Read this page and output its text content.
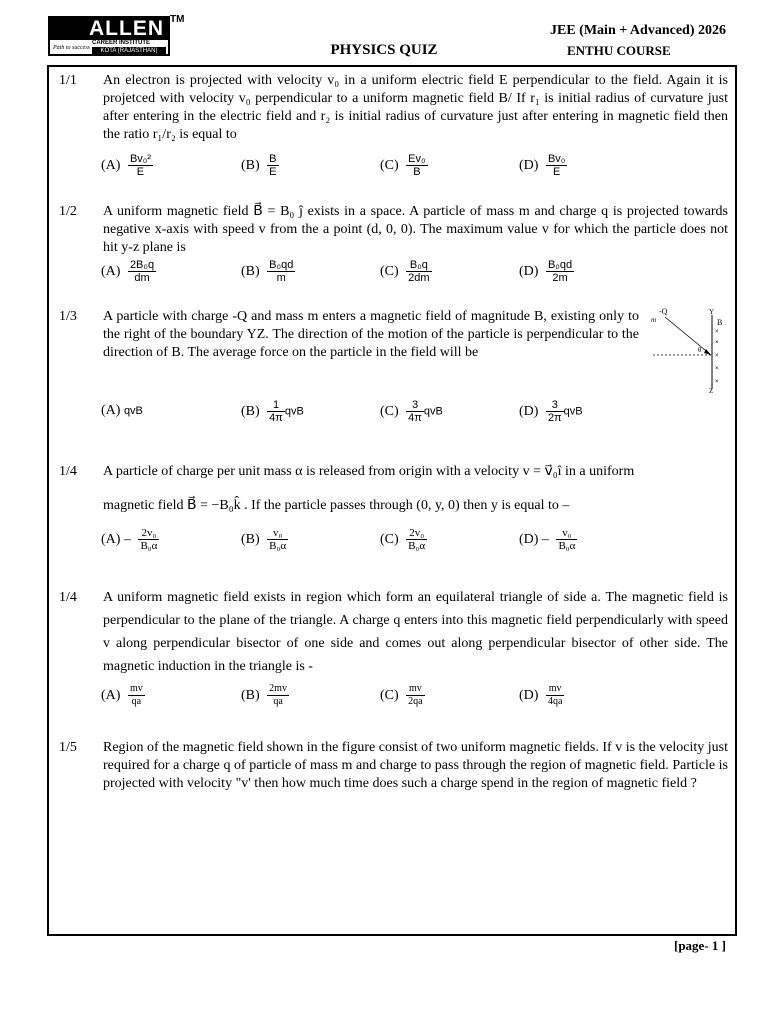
ALLEN
CAREER INSTITUTE
KOTA (RAJASTHAN)
Path to success
TM
JEE (Main + Advanced) 2026
PHYSICS QUIZ	ENTHU COURSE
1/1 An electron is projected with velocity v₀ in a uniform electric field E perpendicular to the field. Again it is projetced with velocity v₀ perpendicular to a uniform magnetic field B/ If r₁ is initial radius of curvature just after entering in the electric field and r₂ is initial radius of curvature just after entering in magnetic field then the ratio r₁/r₂ is equal to
$(A) \frac{\text{Bv₀²}}{E}$	$(B) \frac{B}{E}$	$(C) \frac{\text{Ev₀}}{B}$	$(D) \frac{\text{Bv₀}}{E}$
1/2 A uniform magnetic field B⃗ = B₀ ĵ exists in a space. A particle of mass m and charge q is projected towards negative x-axis with speed v from the a point (d, 0, 0). The maximum value v for which the particle does not hit y-z plane is
$(A) \frac{\text{2B₀q}}{dm}$	$(B) \frac{\text{B₀qd}}{m}$	$(C) \frac{\text{B₀q}}{2dm}$	$(D) \frac{\text{B₀qd}}{2m}$
1/3 A particle with charge -Q and mass m enters a magnetic field of magnitude B, existing only to the right of the boundary YZ. The direction of the motion of the particle is perpendicular to the direction of B. The average force on the particle in the field will be
-Q
m
Y
B
Z
θ
×
×
×
×
×
(A) qvB	$(B) \frac{1}{4\pi}$ qvB	$(C) \frac{3}{4\pi}$ qvB	$(D) \frac{3}{2\pi}$ qvB
1/4 A particle of charge per unit mass α is released from origin with a velocity v = v⃗₀î in a uniform
magnetic field B⃗ = −B₀k̂ . If the particle passes through (0, y, 0) then y is equal to –
$(A) - \frac{\text{2v₀}}{\text{B₀α}}$	$(B) \frac{\text{v₀}}{\text{B₀α}}$	$(C) \frac{\text{2v₀}}{\text{B₀α}}$	$(D) - \frac{\text{v₀}}{\text{B₀α}}$
1/4 A uniform magnetic field exists in region which form an equilateral triangle of side a. The magnetic field is perpendicular to the plane of the triangle. A charge q enters into this magnetic field perpendicularly with speed v along perpendicular bisector of one side and comes out along perpendicular bisector of other side. The magnetic induction in the triangle is -
$(A) \frac{mv}{qa}$	$(B) \frac{2mv}{qa}$	$(C) \frac{mv}{2qa}$	$(D) \frac{mv}{4qa}$
1/5 Region of the magnetic field shown in the figure consist of two uniform magnetic fields. If v is the velocity just required for a charge q of particle of mass m and charge to pass through the region of magnetic field. Particle is projected with velocity "v' then how much time does such a charge spend in the region of magnetic field ?
[page- 1 ]
